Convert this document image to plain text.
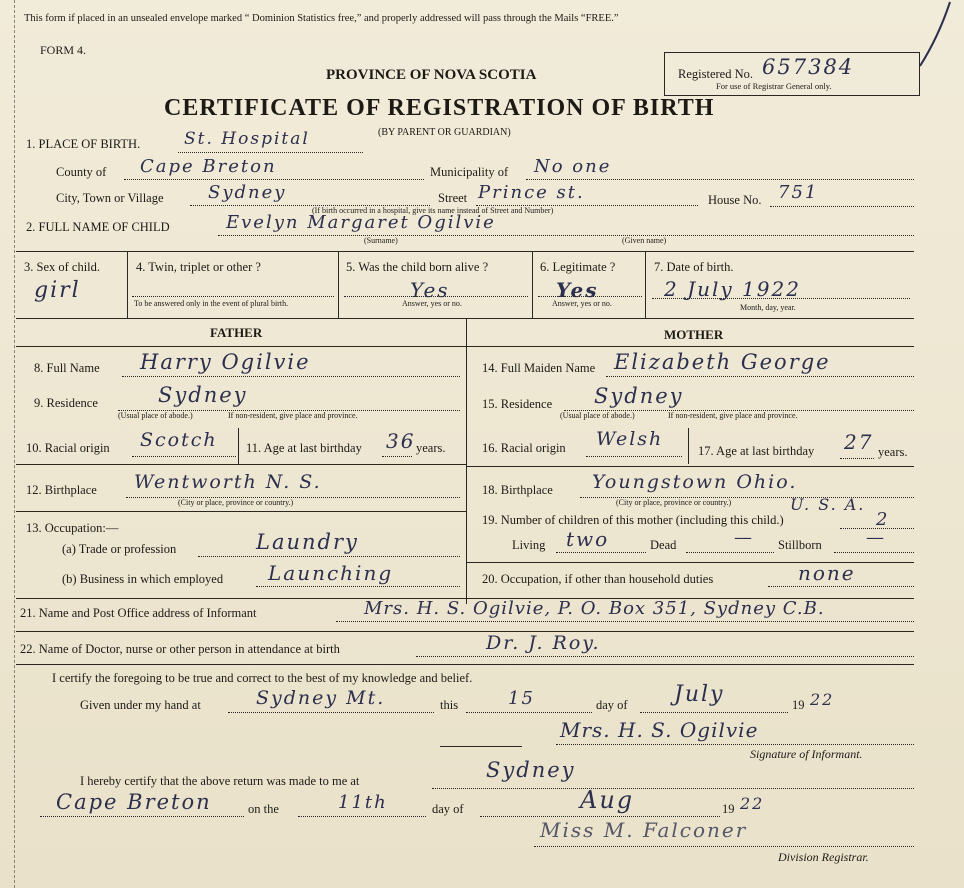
This form if placed in an unsealed envelope marked “ Dominion Statistics free,” and properly addressed will pass through the Mails “FREE.”
FORM 4.
PROVINCE OF NOVA SCOTIA
CERTIFICATE OF REGISTRATION OF BIRTH
(BY PARENT OR GUARDIAN)
Registered No. 657384
For use of Registrar General only.
1. PLACE OF BIRTH.	St. Hospital
County of Cape Breton	Municipality of No one
City, Town or Village Sydney	Street Prince st.
(If birth occurred in a hospital, give its name instead of Street and Number)
House No. 751
2. FULL NAME OF CHILD	Evelyn Margaret Ogilvie
(Surname)	(Given name)
3. Sex of child.
girl
4. Twin, triplet or other ?
To be answered only in the event of plural birth.
5. Was the child born alive ?
Yes
Answer, yes or no.
6. Legitimate ?
Yes
Answer, yes or no.
7. Date of birth.
2 July 1922
Month, day, year.
FATHER	MOTHER
8. Full Name Harry Ogilvie
9. Residence	Sydney
(Usual place of abode.)	If non-resident, give place and province.
10. Racial origin Scotch 11. Age at last birthday 36 years.
12. Birthplace Wentworth N. S.
(City or place, province or country.)
13. Occupation:—
(a) Trade or profession	Laundry
(b) Business in which employed Launching
14. Full Maiden Name Elizabeth George
15. Residence Sydney
(Usual place of abode.)	If non-resident, give place and province.
16. Racial origin Welsh
17. Age at last birthday 27 years.
18. Birthplace Youngstown Ohio.
U. S. A.
(City or place, province or country.)
19. Number of children of this mother (including this child.)	2
Living two	Dead	— Stillborn —
20. Occupation, if other than household duties	none
21. Name and Post Office address of Informant	Mrs. H. S. Ogilvie, P. O. Box 351, Sydney C.B.
22. Name of Doctor, nurse or other person in attendance at birth	Dr. J. Roy.
I certify the foregoing to be true and correct to the best of my knowledge and belief.
Given under my hand at	Sydney Mt.	this	15	day of July	19 22
Mrs. H. S. Ogilvie
Signature of Informant.
I hereby certify that the above return was made to me at	Sydney
Cape Breton	on the	11th	day of	Aug	19 22
Miss M. Falconer
Division Registrar.
